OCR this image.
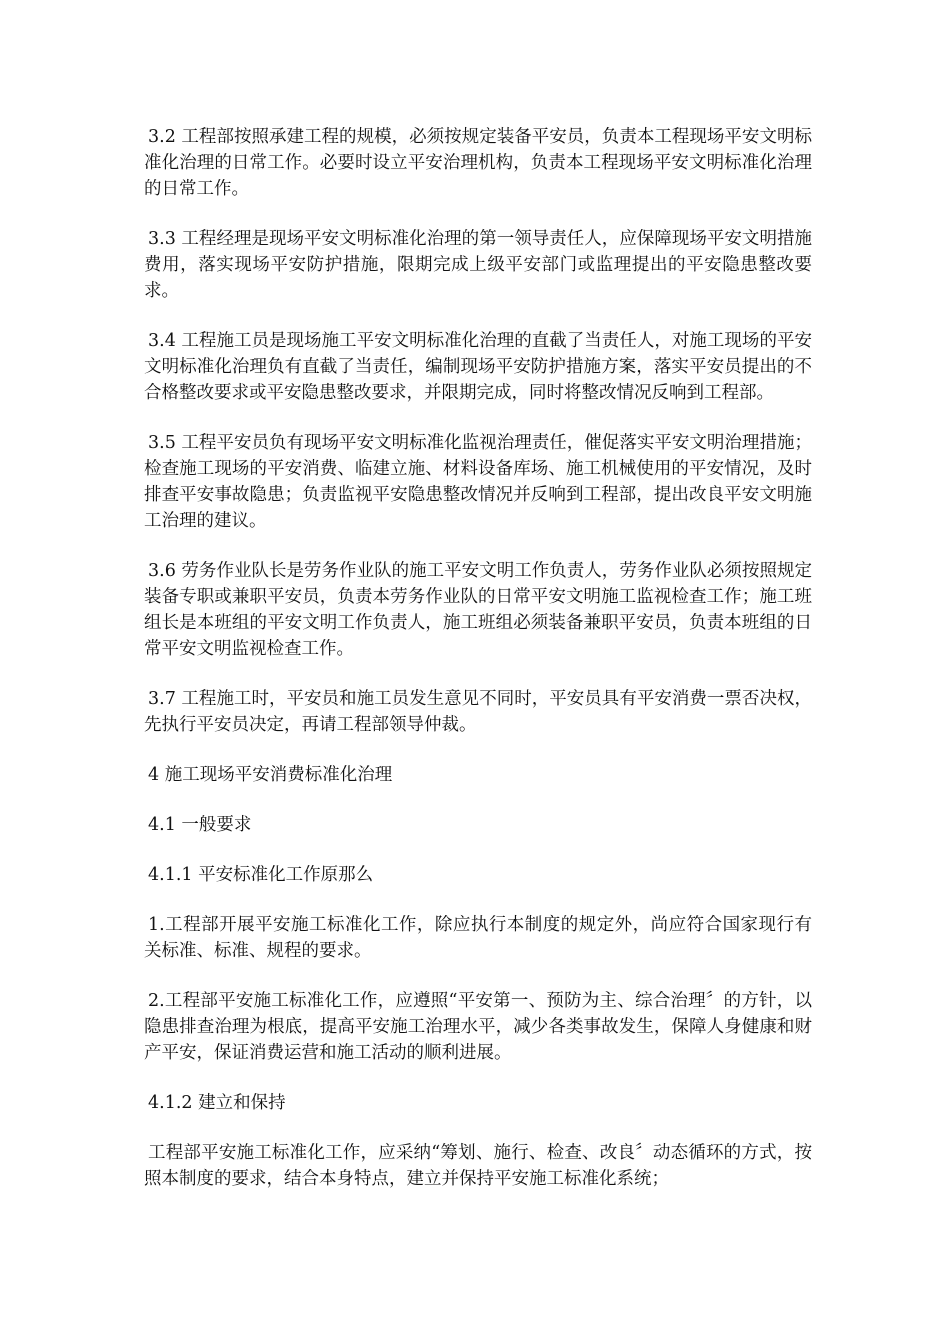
3.2 工程部按照承建工程的规模，必须按规定装备平安员，负责本工程现场平安文明标准化治理的日常工作。必要时设立平安治理机构，负责本工程现场平安文明标准化治理的日常工作。

3.3 工程经理是现场平安文明标准化治理的第一领导责任人，应保障现场平安文明措施费用，落实现场平安防护措施，限期完成上级平安部门或监理提出的平安隐患整改要求。

3.4 工程施工员是现场施工平安文明标准化治理的直截了当责任人，对施工现场的平安文明标准化治理负有直截了当责任，编制现场平安防护措施方案，落实平安员提出的不合格整改要求或平安隐患整改要求，并限期完成，同时将整改情况反响到工程部。

3.5 工程平安员负有现场平安文明标准化监视治理责任，催促落实平安文明治理措施；检查施工现场的平安消费、临建立施、材料设备库场、施工机械使用的平安情况，及时排查平安事故隐患；负责监视平安隐患整改情况并反响到工程部，提出改良平安文明施工治理的建议。

3.6 劳务作业队长是劳务作业队的施工平安文明工作负责人，劳务作业队必须按照规定装备专职或兼职平安员，负责本劳务作业队的日常平安文明施工监视检查工作；施工班组长是本班组的平安文明工作负责人，施工班组必须装备兼职平安员，负责本班组的日常平安文明监视检查工作。

3.7 工程施工时，平安员和施工员发生意见不同时，平安员具有平安消费一票否决权，先执行平安员决定，再请工程部领导仲裁。

4 施工现场平安消费标准化治理

4.1 一般要求

4.1.1 平安标准化工作原那么

1.工程部开展平安施工标准化工作，除应执行本制度的规定外，尚应符合国家现行有关标准、标准、规程的要求。

2.工程部平安施工标准化工作，应遵照“平安第一、预防为主、综合治理〞的方针，以隐患排查治理为根底，提高平安施工治理水平，减少各类事故发生，保障人身健康和财产平安，保证消费运营和施工活动的顺利进展。

4.1.2 建立和保持

工程部平安施工标准化工作，应采纳“筹划、施行、检查、改良〞动态循环的方式，按照本制度的要求，结合本身特点，建立并保持平安施工标准化系统；
